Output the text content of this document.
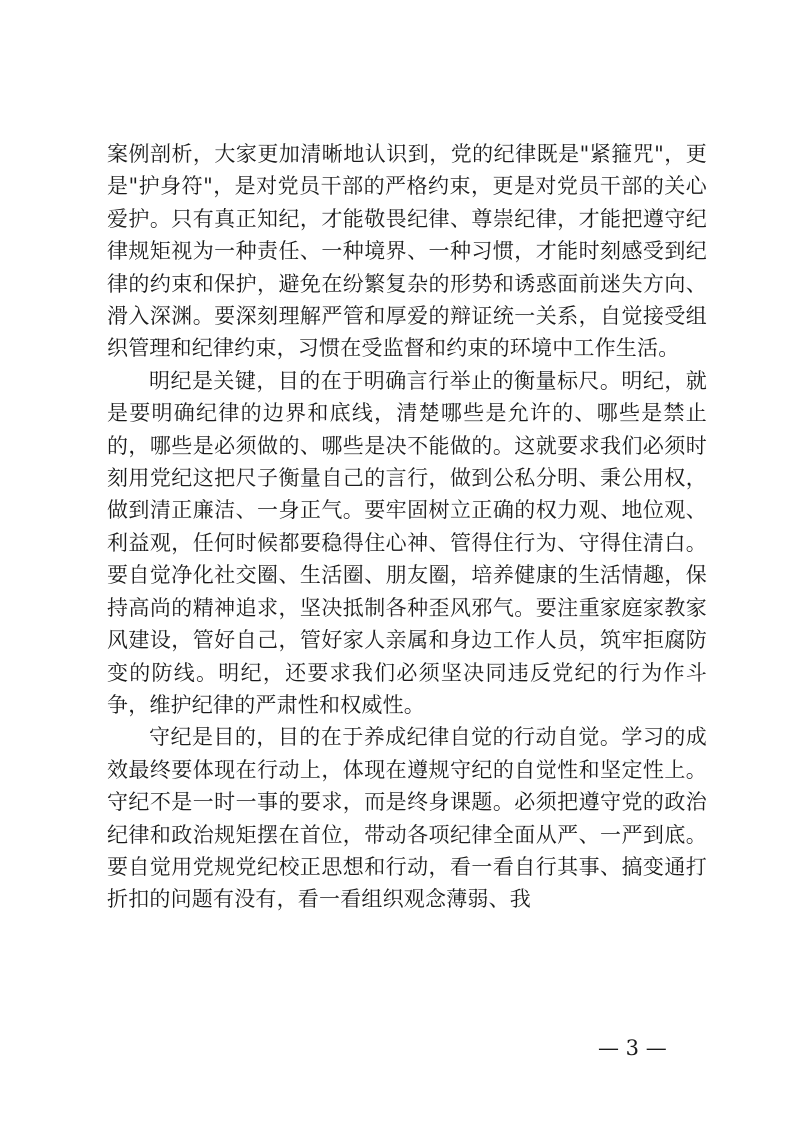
案例剖析，大家更加清晰地认识到，党的纪律既是"紧箍咒"，更是"护身符"，是对党员干部的严格约束，更是对党员干部的关心爱护。只有真正知纪，才能敬畏纪律、尊崇纪律，才能把遵守纪律规矩视为一种责任、一种境界、一种习惯，才能时刻感受到纪律的约束和保护，避免在纷繁复杂的形势和诱惑面前迷失方向、滑入深渊。要深刻理解严管和厚爱的辩证统一关系，自觉接受组织管理和纪律约束，习惯在受监督和约束的环境中工作生活。

明纪是关键，目的在于明确言行举止的衡量标尺。明纪，就是要明确纪律的边界和底线，清楚哪些是允许的、哪些是禁止的，哪些是必须做的、哪些是决不能做的。这就要求我们必须时刻用党纪这把尺子衡量自己的言行，做到公私分明、秉公用权，做到清正廉洁、一身正气。要牢固树立正确的权力观、地位观、利益观，任何时候都要稳得住心神、管得住行为、守得住清白。要自觉净化社交圈、生活圈、朋友圈，培养健康的生活情趣，保持高尚的精神追求，坚决抵制各种歪风邪气。要注重家庭家教家风建设，管好自己，管好家人亲属和身边工作人员，筑牢拒腐防变的防线。明纪，还要求我们必须坚决同违反党纪的行为作斗争，维护纪律的严肃性和权威性。

守纪是目的，目的在于养成纪律自觉的行动自觉。学习的成效最终要体现在行动上，体现在遵规守纪的自觉性和坚定性上。守纪不是一时一事的要求，而是终身课题。必须把遵守党的政治纪律和政治规矩摆在首位，带动各项纪律全面从严、一严到底。要自觉用党规党纪校正思想和行动，看一看自行其事、搞变通打折扣的问题有没有，看一看组织观念薄弱、我

— 3 —
